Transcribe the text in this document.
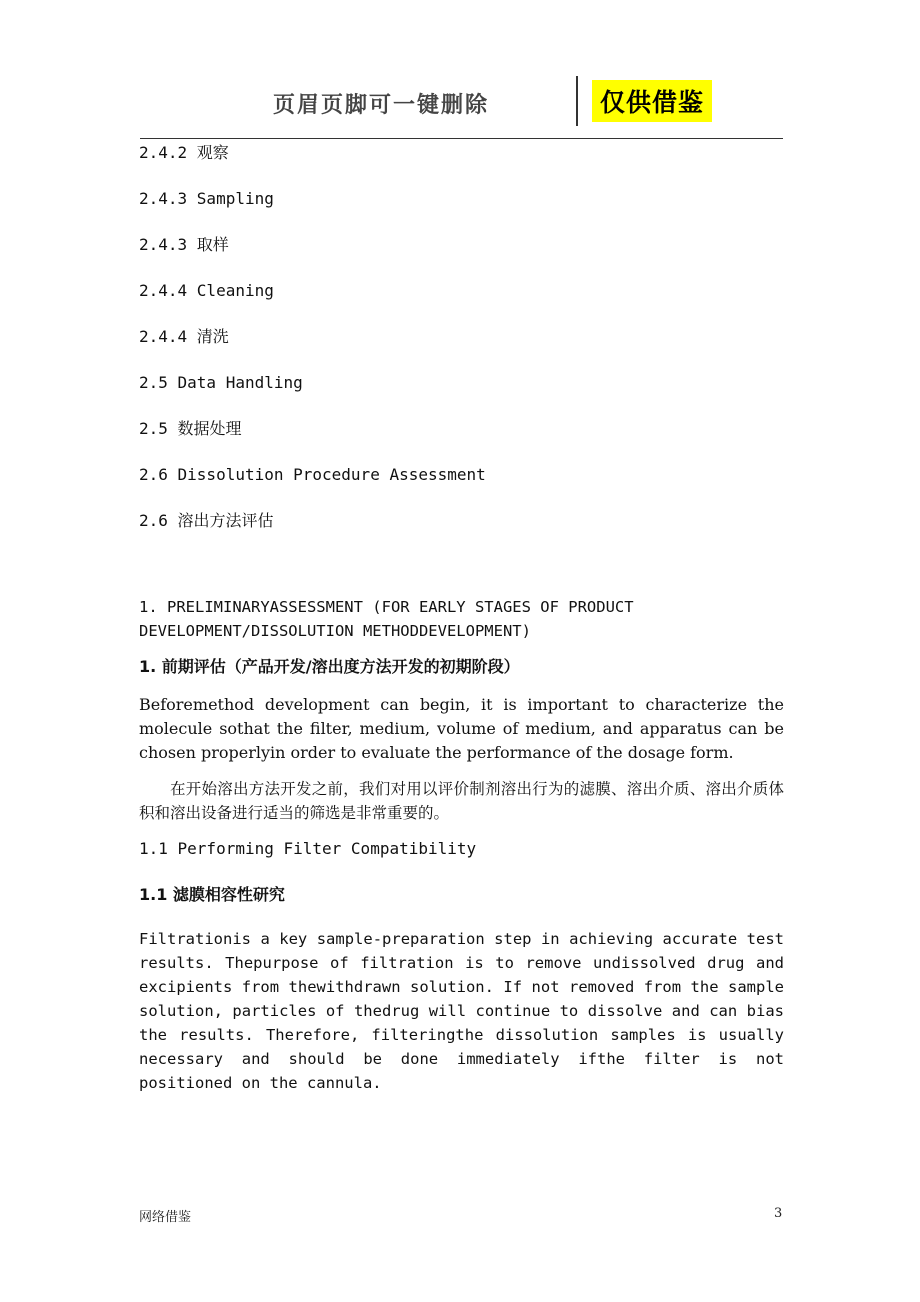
页眉页脚可一键删除	仅供借鉴

2.4.2 观察

2.4.3 Sampling

2.4.3 取样

2.4.4 Cleaning

2.4.4 清洗

2.5 Data Handling

2.5 数据处理

2.6 Dissolution Procedure Assessment

2.6 溶出方法评估

1. PRELIMINARYASSESSMENT (FOR EARLY STAGES OF PRODUCT DEVELOPMENT/DISSOLUTION METHODDEVELOPMENT)
1. 前期评估（产品开发/溶出度方法开发的初期阶段）
Beforemethod development can begin, it is important to characterize the molecule sothat the filter, medium, volume of medium, and apparatus can be chosen properlyin order to evaluate the performance of the dosage form.
在开始溶出方法开发之前，我们对用以评价制剂溶出行为的滤膜、溶出介质、溶出介质体积和溶出设备进行适当的筛选是非常重要的。
1.1 Performing Filter Compatibility
1.1 滤膜相容性研究
Filtrationis a key sample-preparation step in achieving accurate test results. Thepurpose of filtration is to remove undissolved drug and excipients from thewithdrawn solution. If not removed from the sample solution, particles of thedrug will continue to dissolve and can bias the results. Therefore, filteringthe dissolution samples is usually necessary and should be done immediately ifthe filter is not positioned on the cannula.
网络借鉴	3
